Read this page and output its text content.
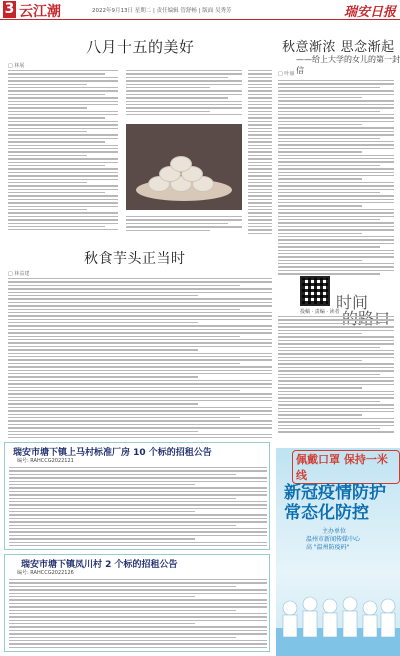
3 云江潮	2022年9月13日 星期二 | 责任编辑 管舒畅 | 版面 吴秀芳	瑞安日报
八月十五的美好
□ 林展
秋意渐浓 思念渐起
——给上大学的女儿的第一封信
□ 叶丽
秋食芋头正当时
□ 林益建
投稿 · 责编 · 读者
时间
瑞安市塘下镇上马村标准厂房 10 个标的招租公告
编号: RAHCCG2022121
瑞安市塘下镇凤川村 2 个标的招租公告
编号: RAHCCG2022126
佩戴口罩 保持一米线
新冠疫情防护
常态化防控
主办单位
温州市新闻传媒中心
高 "温州防疫码"
